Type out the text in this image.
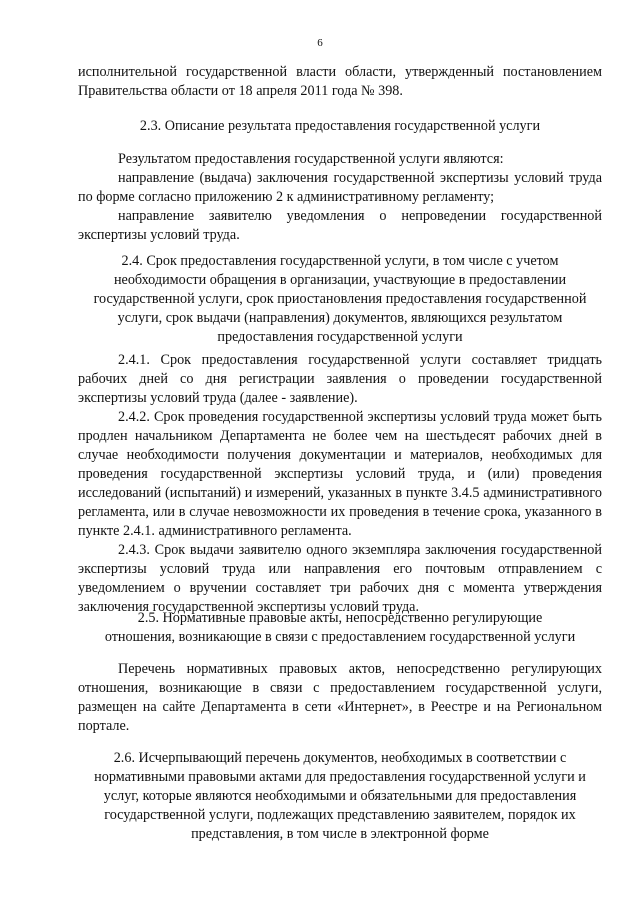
6

исполнительной государственной власти области, утвержденный постановлением Правительства области от 18 апреля 2011 года № 398.

2.3. Описание результата предоставления государственной услуги

Результатом предоставления государственной услуги являются:

направление (выдача) заключения государственной экспертизы условий труда по форме согласно приложению 2 к административному регламенту;

направление заявителю уведомления о непроведении государственной экспертизы условий труда.

2.4. Срок предоставления государственной услуги, в том числе с учетом
необходимости обращения в организации, участвующие в предоставлении
государственной услуги, срок приостановления предоставления государственной
услуги, срок выдачи (направления) документов, являющихся результатом
предоставления государственной услуги

2.4.1. Срок предоставления государственной услуги составляет тридцать рабочих дней со дня регистрации заявления о проведении государственной экспертизы условий труда (далее - заявление).

2.4.2. Срок проведения государственной экспертизы условий труда может быть продлен начальником Департамента не более чем на шестьдесят рабочих дней в случае необходимости получения документации и материалов, необходимых для проведения государственной экспертизы условий труда, и (или) проведения исследований (испытаний) и измерений, указанных в пункте 3.4.5 административного регламента, или в случае невозможности их проведения в течение срока, указанного в пункте 2.4.1. административного регламента.

2.4.3. Срок выдачи заявителю одного экземпляра заключения государственной экспертизы условий труда или направления его почтовым отправлением с уведомлением о вручении составляет три рабочих дня с момента утверждения заключения государственной экспертизы условий труда.

2.5. Нормативные правовые акты, непосредственно регулирующие
отношения, возникающие в связи с предоставлением государственной услуги

Перечень нормативных правовых актов, непосредственно регулирующих отношения, возникающие в связи с предоставлением государственной услуги, размещен на сайте Департамента в сети «Интернет», в Реестре и на Региональном портале.

2.6. Исчерпывающий перечень документов, необходимых в соответствии с
нормативными правовыми актами для предоставления государственной услуги и
услуг, которые являются необходимыми и обязательными для предоставления
государственной услуги, подлежащих представлению заявителем, порядок их
представления, в том числе в электронной форме
